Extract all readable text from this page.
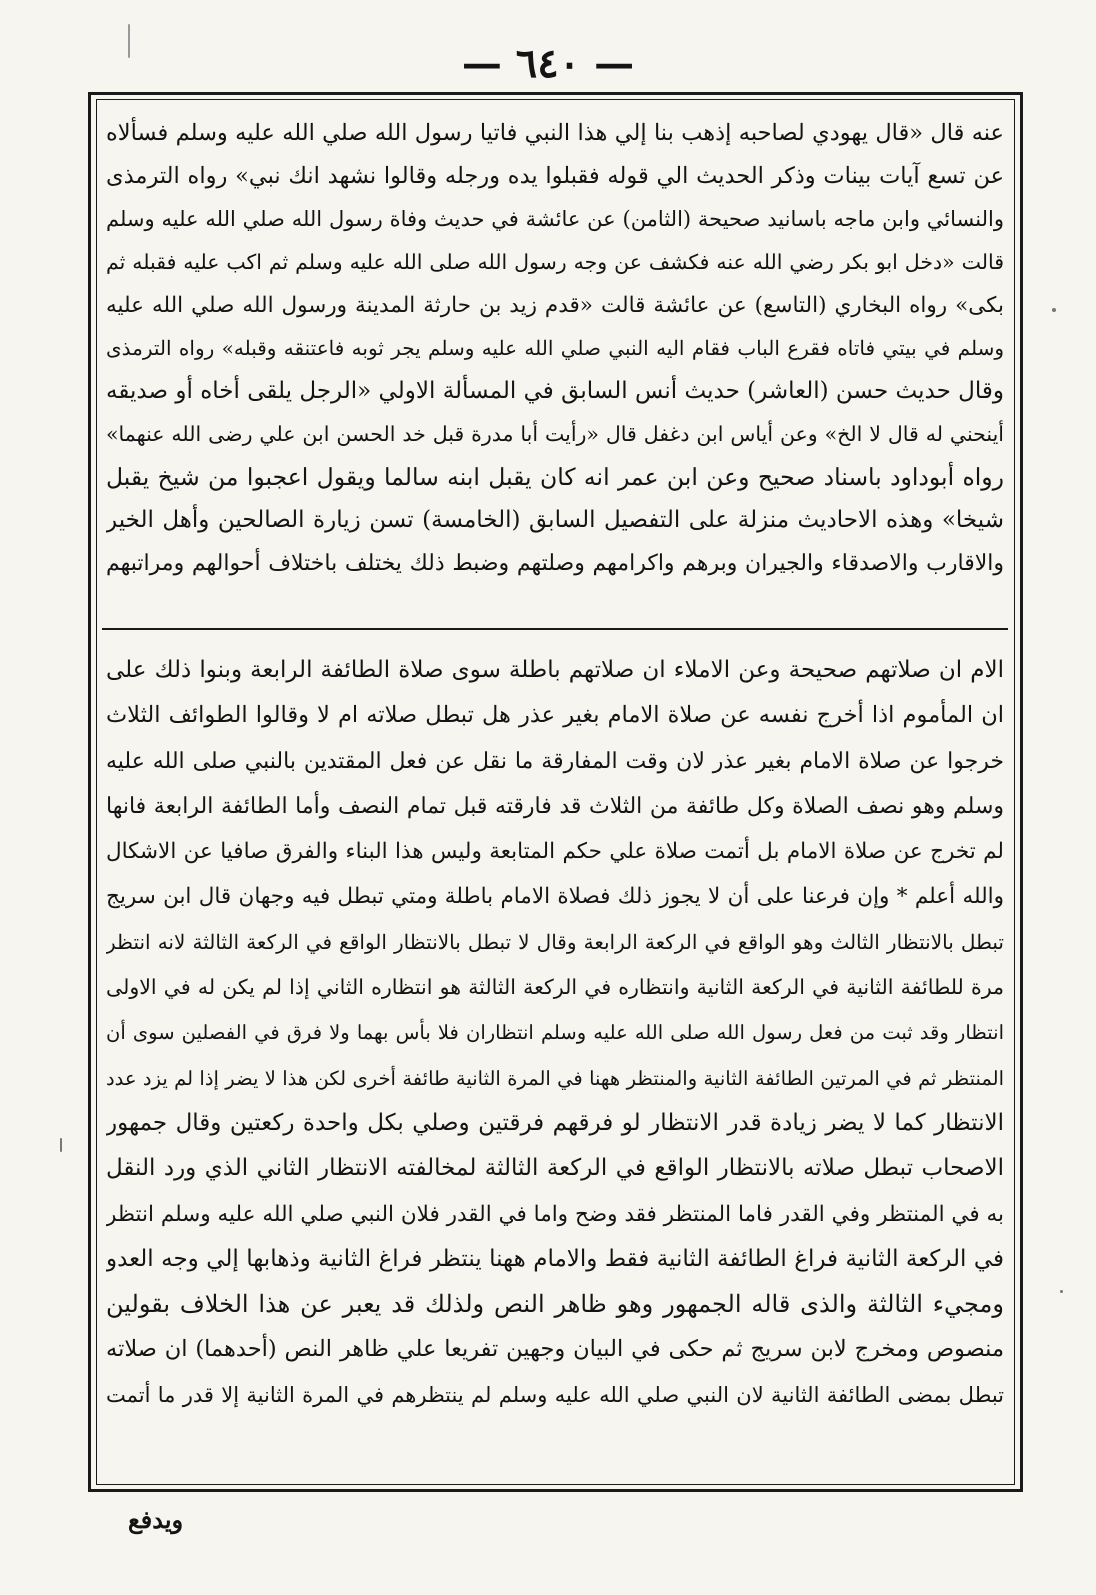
— ٦٤٠ —
عنه قال «قال يهودي لصاحبه إذهب بنا إلي هذا النبي فاتيا رسول الله صلي الله عليه وسلم فسألاه
عن تسع آيات بينات وذكر الحديث الي قوله فقبلوا يده ورجله وقالوا نشهد انك نبي» رواه الترمذى
والنسائي وابن ماجه باسانيد صحيحة (الثامن) عن عائشة في حديث وفاة رسول الله صلي الله عليه وسلم
قالت «دخل ابو بكر رضي الله عنه فكشف عن وجه رسول الله صلى الله عليه وسلم ثم اكب عليه فقبله ثم
بكى» رواه البخاري (التاسع) عن عائشة قالت «قدم زيد بن حارثة المدينة ورسول الله صلي الله عليه
وسلم في بيتي فاتاه فقرع الباب فقام اليه النبي صلي الله عليه وسلم يجر ثوبه فاعتنقه وقبله» رواه الترمذى
وقال حديث حسن (العاشر) حديث أنس السابق في المسألة الاولي «الرجل يلقى أخاه أو صديقه
أينحني له قال لا الخ» وعن أياس ابن دغفل قال «رأيت أبا مدرة قبل خد الحسن ابن علي رضى الله عنهما»
رواه أبوداود باسناد صحيح وعن ابن عمر انه كان يقبل ابنه سالما ويقول اعجبوا من شيخ يقبل
شيخا» وهذه الاحاديث منزلة على التفصيل السابق (الخامسة) تسن زيارة الصالحين وأهل الخير
والاقارب والاصدقاء والجيران وبرهم واكرامهم وصلتهم وضبط ذلك يختلف باختلاف أحوالهم ومراتبهم
الام ان صلاتهم صحيحة وعن الاملاء ان صلاتهم باطلة سوى صلاة الطائفة الرابعة وبنوا ذلك على
ان المأموم اذا أخرج نفسه عن صلاة الامام بغير عذر هل تبطل صلاته ام لا وقالوا الطوائف الثلاث
خرجوا عن صلاة الامام بغير عذر لان وقت المفارقة ما نقل عن فعل المقتدين بالنبي صلى الله عليه
وسلم وهو نصف الصلاة وكل طائفة من الثلاث قد فارقته قبل تمام النصف وأما الطائفة الرابعة فانها
لم تخرج عن صلاة الامام بل أتمت صلاة علي حكم المتابعة وليس هذا البناء والفرق صافيا عن الاشكال
والله أعلم * وإن فرعنا على أن لا يجوز ذلك فصلاة الامام باطلة ومتي تبطل فيه وجهان قال ابن سريج
تبطل بالانتظار الثالث وهو الواقع في الركعة الرابعة وقال لا تبطل بالانتظار الواقع في الركعة الثالثة لانه انتظر
مرة للطائفة الثانية في الركعة الثانية وانتظاره في الركعة الثالثة هو انتظاره الثاني إذا لم يكن له في الاولى
انتظار وقد ثبت من فعل رسول الله صلى الله عليه وسلم انتظاران فلا بأس بهما ولا فرق في الفصلين سوى أن
المنتظر ثم في المرتين الطائفة الثانية والمنتظر ههنا في المرة الثانية طائفة أخرى لكن هذا لا يضر إذا لم يزد عدد
الانتظار كما لا يضر زيادة قدر الانتظار لو فرقهم فرقتين وصلي بكل واحدة ركعتين وقال جمهور
الاصحاب تبطل صلاته بالانتظار الواقع في الركعة الثالثة لمخالفته الانتظار الثاني الذي ورد النقل
به في المنتظر وفي القدر فاما المنتظر فقد وضح واما في القدر فلان النبي صلي الله عليه وسلم انتظر
في الركعة الثانية فراغ الطائفة الثانية فقط والامام ههنا ينتظر فراغ الثانية وذهابها إلي وجه العدو
ومجيء الثالثة والذى قاله الجمهور وهو ظاهر النص ولذلك قد يعبر عن هذا الخلاف بقولين
منصوص ومخرج لابن سريج ثم حكى في البيان وجهين تفريعا علي ظاهر النص (أحدهما) ان صلاته
تبطل بمضى الطائفة الثانية لان النبي صلي الله عليه وسلم لم ينتظرهم في المرة الثانية إلا قدر ما أتمت
ويدفع
